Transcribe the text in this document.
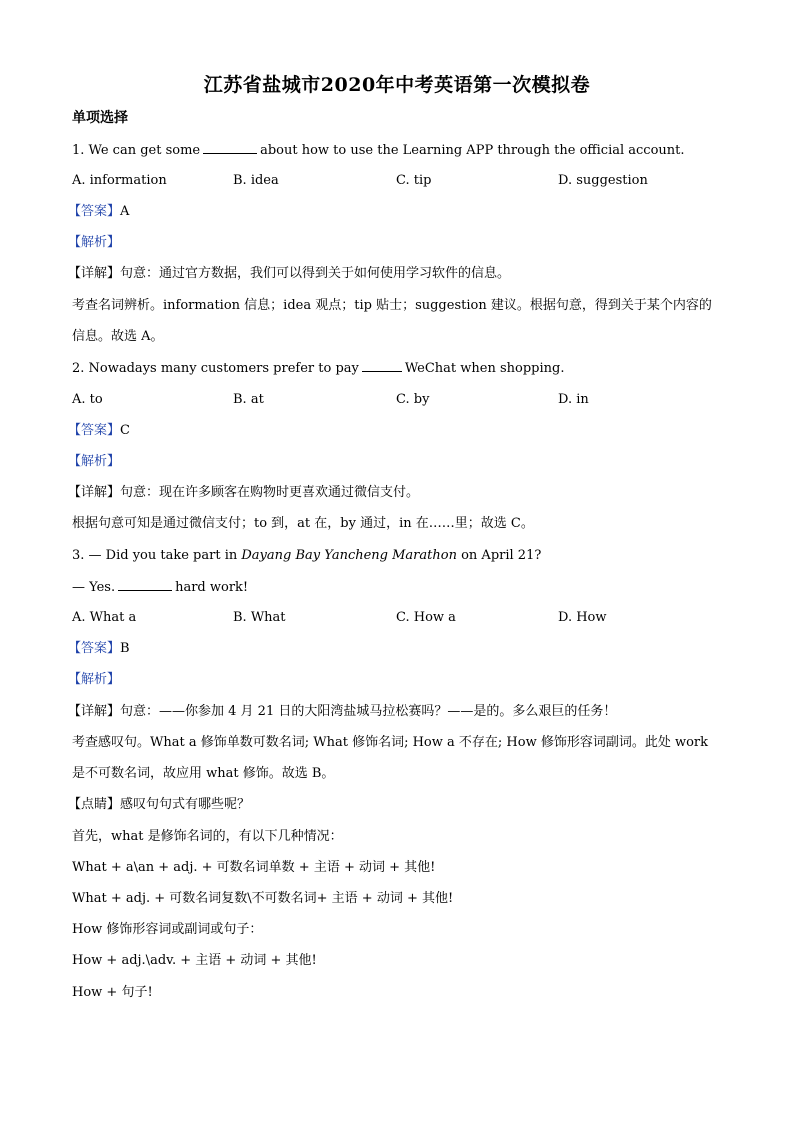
江苏省盐城市2020年中考英语第一次模拟卷
单项选择
1. We can get some	about how to use the Learning APP through the official account.
A. information	B. idea	C. tip	D. suggestion
【答案】A
【解析】
【详解】句意：通过官方数据，我们可以得到关于如何使用学习软件的信息。
考查名词辨析。information 信息；idea 观点；tip 贴士；suggestion 建议。根据句意，得到关于某个内容的
信息。故选 A。
2. Nowadays many customers prefer to pay	WeChat when shopping.
A. to	B. at	C. by	D. in
【答案】C
【解析】
【详解】句意：现在许多顾客在购物时更喜欢通过微信支付。
根据句意可知是通过微信支付；to 到，at 在，by 通过，in 在……里；故选 C。
3. — Did you take part in Dayang Bay Yancheng Marathon on April 21?
— Yes.	hard work!
A. What a	B. What	C. How a	D. How
【答案】B
【解析】
【详解】句意：——你参加 4 月 21 日的大阳湾盐城马拉松赛吗？——是的。多么艰巨的任务！
考查感叹句。What a 修饰单数可数名词; What 修饰名词; How a 不存在; How 修饰形容词副词。此处 work
是不可数名词，故应用 what 修饰。故选 B。
【点睛】感叹句句式有哪些呢？
首先，what 是修饰名词的，有以下几种情况：
What + a\an + adj. + 可数名词单数 + 主语 + 动词 + 其他!
What + adj. + 可数名词复数\不可数名词+ 主语 + 动词 + 其他!
How 修饰形容词或副词或句子：
How + adj.\adv. + 主语 + 动词 + 其他!
How + 句子!
